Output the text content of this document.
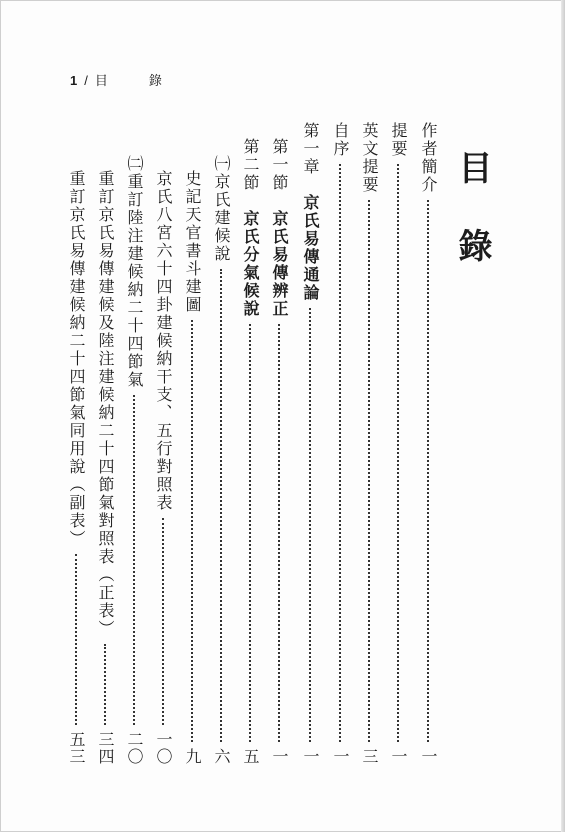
1 / 目　錄
目錄
作者簡介
一
提要
一
英文提要
三
自序
一
第一章　京氏易傳通論
一
第一節　京氏易傳辨正
一
第二節　京氏分氣候說
五
㈠京氏建候說
六
史記天官書斗建圖
九
京氏八宮六十四卦建候納干支、五行對照表
一〇
㈡重訂陸注建候納二十四節氣
二〇
重訂京氏易傳建候及陸注建候納二十四節氣對照表（正表）
三四
重訂京氏易傳建候納二十四節氣同用說（副表）
五三
